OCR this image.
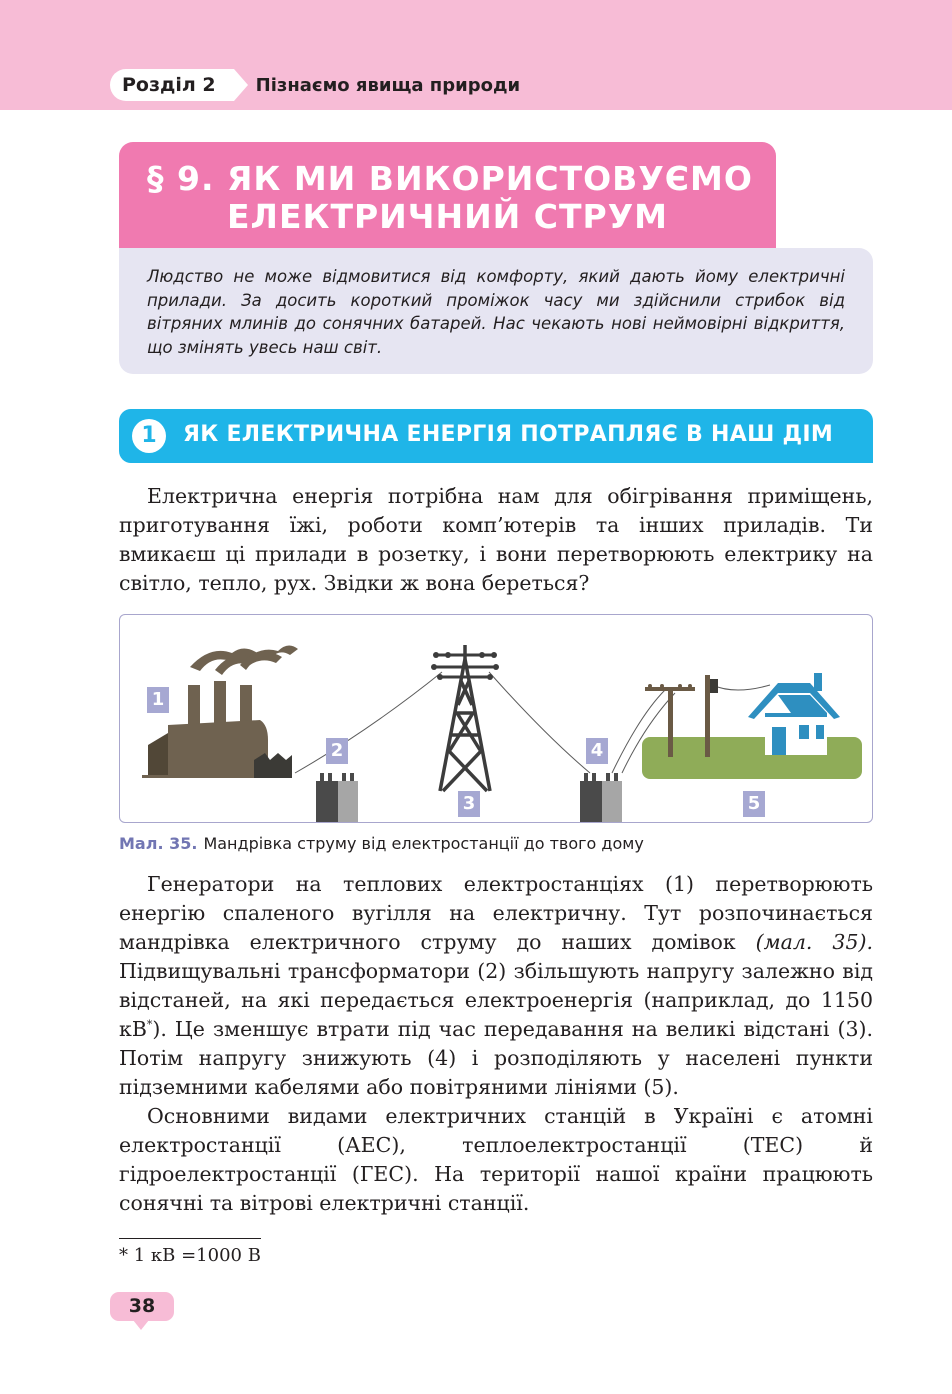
Розділ 2	Пізнаємо явища природи
§ 9. ЯК МИ ВИКОРИСТОВУЄМО
ЕЛЕКТРИЧНИЙ СТРУМ
Людство не може відмовитися від комфорту, який дають йому електричні прилади. За досить короткий проміжок часу ми здійснили стрибок від вітряних млинів до сонячних батарей. Нас чекають нові неймовірні відкриття, що змінять увесь наш світ.
1	ЯК ЕЛЕКТРИЧНА ЕНЕРГІЯ ПОТРАПЛЯЄ В НАШ ДІМ

Електрична енергія потрібна нам для обігрівання приміщень, приготування їжі, роботи комп’ютерів та інших приладів. Ти вмикаєш ці прилади в розетку, і вони перетворюють електрику на світло, тепло, рух. Звідки ж вона береться?

1
2
3
4
5
Мал. 35. Мандрівка струму від електростанції до твого дому

Генератори на теплових електростанціях (1) перетворюють енергію спаленого вугілля на електричну. Тут розпочинається мандрівка електричного струму до наших домівок (мал. 35). Підвищувальні трансформатори (2) збільшують напругу залежно від відстаней, на які передається електроенергія (наприклад, до 1150 кВ*). Це зменшує втрати під час передавання на великі відстані (3). Потім напругу знижують (4) і розподіляють у населені пункти підземними кабелями або повітряними лініями (5).

Основними видами електричних станцій в Україні є атомні електростанції (АЕС), теплоелектростанції (ТЕС) й гідроелектростанції (ГЕС). На території нашої країни працюють сонячні та вітрові електричні станції.

* 1 кВ =1000 В
38
